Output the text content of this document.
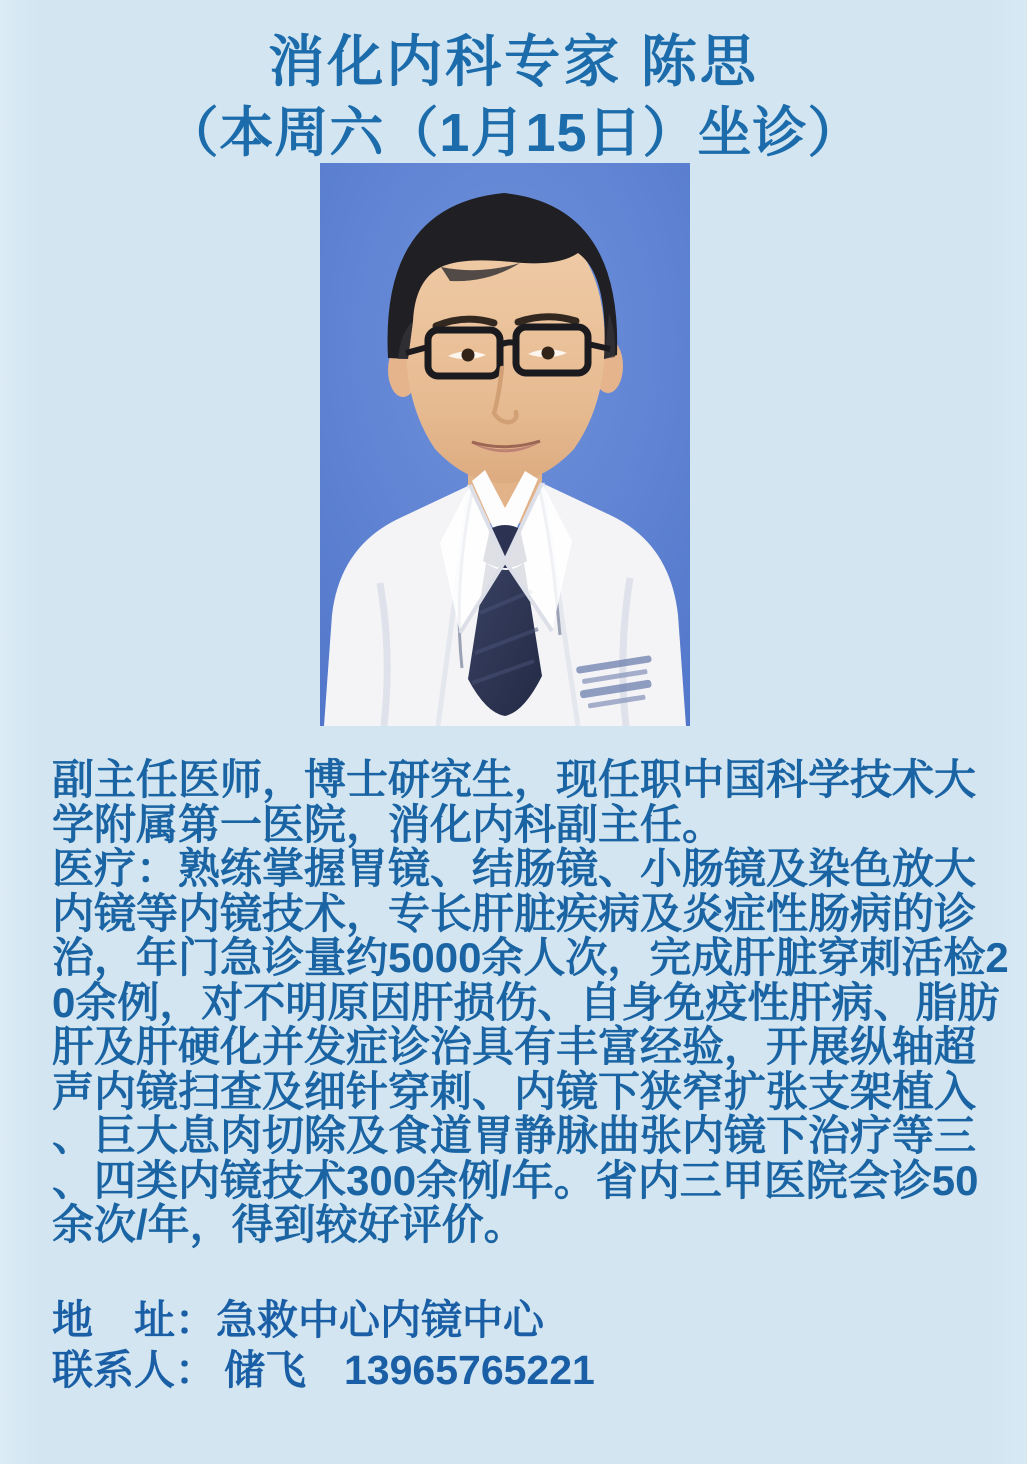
消化内科专家 陈思
（本周六（1月15日）坐诊）
副主任医师，博士研究生，现任职中国科学技术大
学附属第一医院，消化内科副主任。
医疗：熟练掌握胃镜、结肠镜、小肠镜及染色放大
内镜等内镜技术，专长肝脏疾病及炎症性肠病的诊
治，年门急诊量约5000余人次，完成肝脏穿刺活检2
0余例，对不明原因肝损伤、自身免疫性肝病、脂肪
肝及肝硬化并发症诊治具有丰富经验，开展纵轴超
声内镜扫查及细针穿刺、内镜下狭窄扩张支架植入
、巨大息肉切除及食道胃静脉曲张内镜下治疗等三
、四类内镜技术300余例/年。省内三甲医院会诊50
余次/年，得到较好评价。
地　址：急救中心内镜中心
联系人： 储飞 13965765221
